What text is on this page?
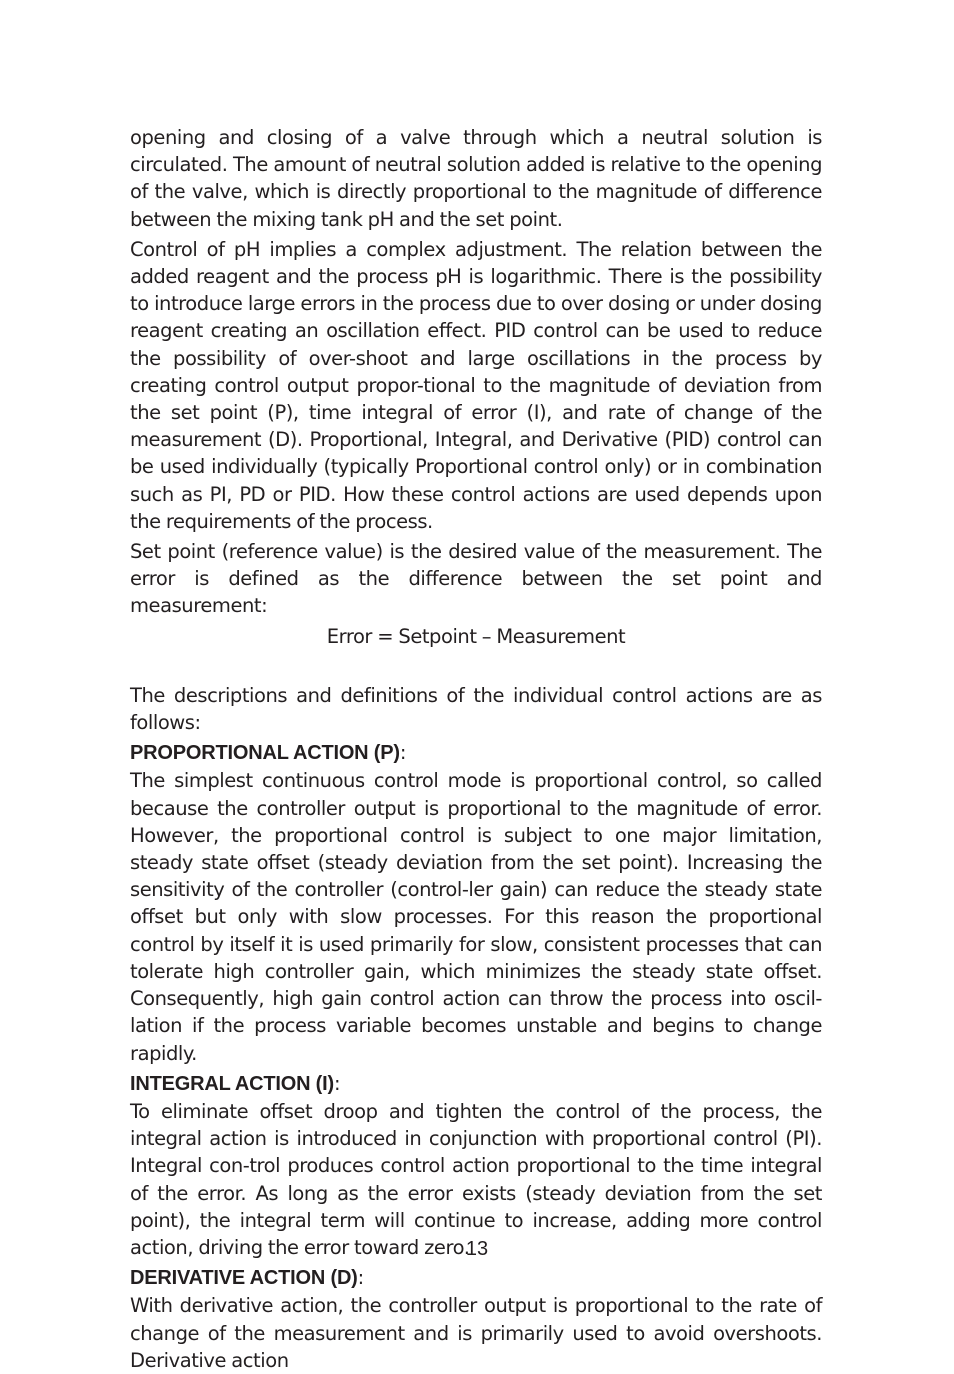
opening and closing of a valve through which a neutral solution is circulated. The amount of neutral solution added is relative to the opening of the valve, which is directly proportional to the magnitude of difference between the mixing tank pH and the set point.

Control of pH implies a complex adjustment. The relation between the added reagent and the process pH is logarithmic. There is the possibility to introduce large errors in the process due to over dosing or under dosing reagent creating an oscillation effect. PID control can be used to reduce the possibility of over-shoot and large oscillations in the process by creating control output propor-tional to the magnitude of deviation from the set point (P), time integral of error (I), and rate of change of the measurement (D). Proportional, Integral, and Derivative (PID) control can be used individually (typically Proportional control only) or in combination such as PI, PD or PID. How these control actions are used depends upon the requirements of the process.

Set point (reference value) is the desired value of the measurement. The error is defined as the difference between the set point and measurement:

Error = Setpoint – Measurement

The descriptions and definitions of the individual control actions are as follows:

PROPORTIONAL ACTION (P):

The simplest continuous control mode is proportional control, so called because the controller output is proportional to the magnitude of error. However, the proportional control is subject to one major limitation, steady state offset (steady deviation from the set point). Increasing the sensitivity of the controller (control-ler gain) can reduce the steady state offset but only with slow processes. For this reason the proportional control by itself it is used primarily for slow, consistent processes that can tolerate high controller gain, which minimizes the steady state offset. Consequently, high gain control action can throw the process into oscil-lation if the process variable becomes unstable and begins to change rapidly.

INTEGRAL ACTION (I):

To eliminate offset droop and tighten the control of the process, the integral action is introduced in conjunction with proportional control (PI). Integral con-trol produces control action proportional to the time integral of the error. As long as the error exists (steady deviation from the set point), the integral term will continue to increase, adding more control action, driving the error toward zero.

DERIVATIVE ACTION (D):

With derivative action, the controller output is proportional to the rate of change of the measurement and is primarily used to avoid overshoots. Derivative action

13
